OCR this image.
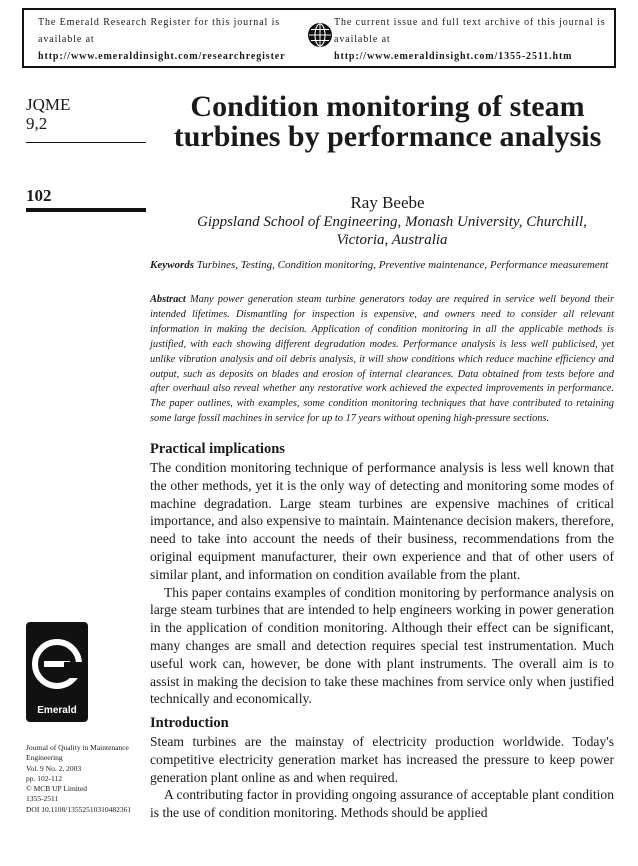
The Emerald Research Register for this journal is available at
http://www.emeraldinsight.com/researchregister
The current issue and full text archive of this journal is available at
http://www.emeraldinsight.com/1355-2511.htm
JQME
9,2
102
Emerald
Journal of Quality in Maintenance
Engineering
Vol. 9 No. 2, 2003
pp. 102-112
© MCB UP Limited
1355-2511
DOI 10.1108/13552510310482361
Condition monitoring of steam turbines by performance analysis
Ray Beebe
Gippsland School of Engineering, Monash University, Churchill, Victoria, Australia
Keywords Turbines, Testing, Condition monitoring, Preventive maintenance, Performance measurement
Abstract Many power generation steam turbine generators today are required in service well beyond their intended lifetimes. Dismantling for inspection is expensive, and owners need to consider all relevant information in making the decision. Application of condition monitoring in all the applicable methods is justified, with each showing different degradation modes. Performance analysis is less well publicised, yet unlike vibration analysis and oil debris analysis, it will show conditions which reduce machine efficiency and output, such as deposits on blades and erosion of internal clearances. Data obtained from tests before and after overhaul also reveal whether any restorative work achieved the expected improvements in performance. The paper outlines, with examples, some condition monitoring techniques that have contributed to retaining some large fossil machines in service for up to 17 years without opening high-pressure sections.
Practical implications

The condition monitoring technique of performance analysis is less well known that the other methods, yet it is the only way of detecting and monitoring some modes of machine degradation. Large steam turbines are expensive machines of critical importance, and also expensive to maintain. Maintenance decision makers, therefore, need to take into account the needs of their business, recommendations from the original equipment manufacturer, their own experience and that of other users of similar plant, and information on condition available from the plant.

This paper contains examples of condition monitoring by performance analysis on large steam turbines that are intended to help engineers working in power generation in the application of condition monitoring. Although their effect can be significant, many changes are small and detection requires special test instrumentation. Much useful work can, however, be done with plant instruments. The overall aim is to assist in making the decision to take these machines from service only when justified technically and economically.

Introduction

Steam turbines are the mainstay of electricity production worldwide. Today's competitive electricity generation market has increased the pressure to keep power generation plant online as and when required.

A contributing factor in providing ongoing assurance of acceptable plant condition is the use of condition monitoring. Methods should be applied
